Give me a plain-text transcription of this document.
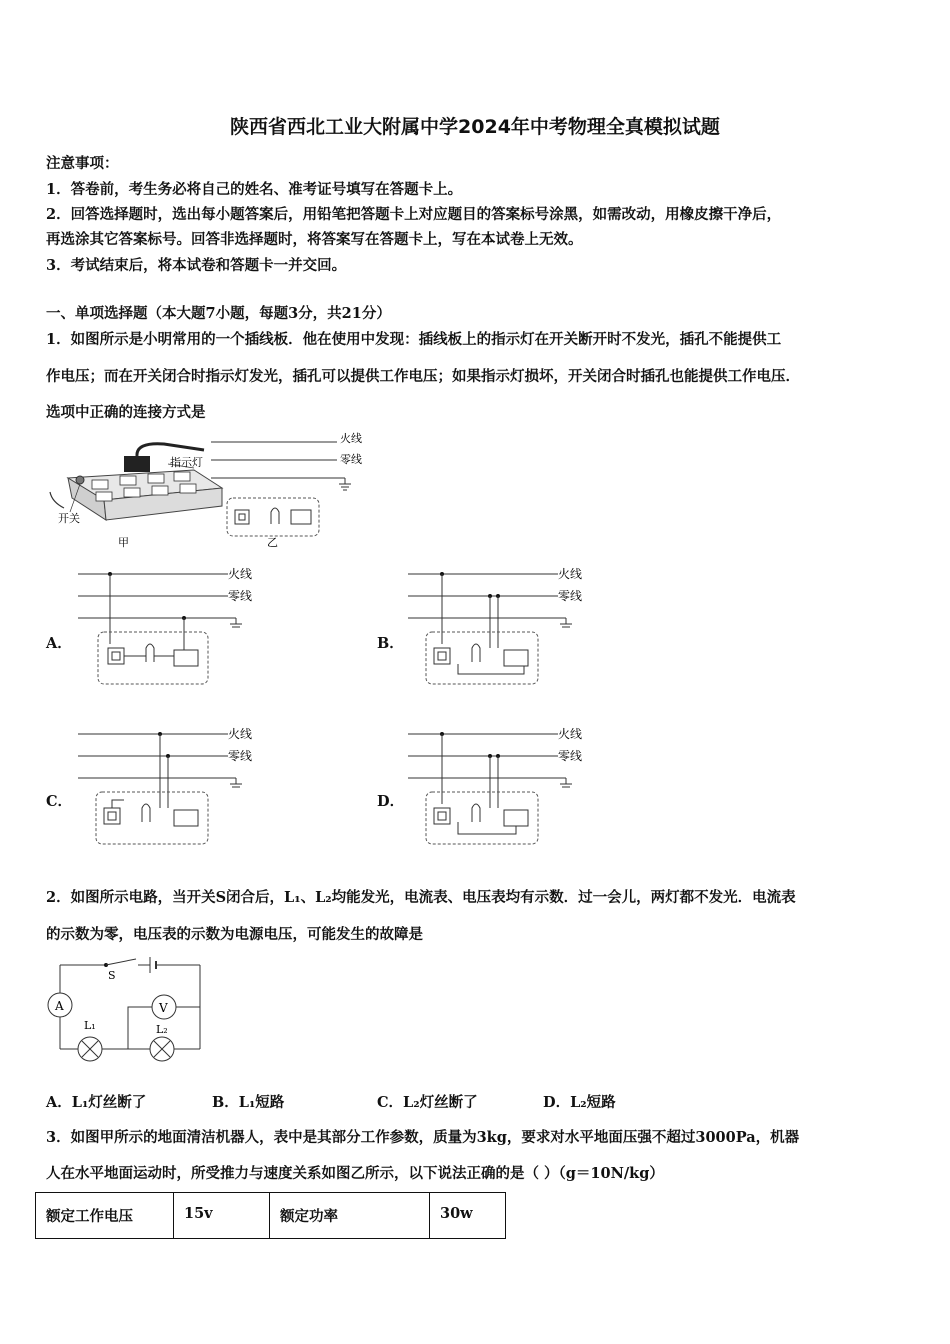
陕西省西北工业大附属中学2024年中考物理全真模拟试题
注意事项：
1．答卷前，考生务必将自己的姓名、准考证号填写在答题卡上。
2．回答选择题时，选出每小题答案后，用铅笔把答题卡上对应题目的答案标号涂黑，如需改动，用橡皮擦干净后，
再选涂其它答案标号。回答非选择题时，将答案写在答题卡上，写在本试卷上无效。
3．考试结束后，将本试卷和答题卡一并交回。
一、单项选择题（本大题7小题，每题3分，共21分）
1．如图所示是小明常用的一个插线板．他在使用中发现：插线板上的指示灯在开关断开时不发光，插孔不能提供工
作电压；而在开关闭合时指示灯发光，插孔可以提供工作电压；如果指示灯损坏，开关闭合时插孔也能提供工作电压．
选项中正确的连接方式是
指示灯
开关
甲
火线
零线
乙
A．	B．
C．	D．
火线
零线
火线
零线
火线
零线
火线
零线
2．如图所示电路，当开关S闭合后，L₁、L₂均能发光，电流表、电压表均有示数．过一会儿，两灯都不发光．电流表
的示数为零，电压表的示数为电源电压，可能发生的故障是
S
A
L₁	L₂
V
A．L₁灯丝断了	B．L₁短路	C．L₂灯丝断了	D．L₂短路
3．如图甲所示的地面清洁机器人，表中是其部分工作参数，质量为3kg，要求对水平地面压强不超过3000Pa，机器
人在水平地面运动时，所受推力与速度关系如图乙所示，以下说法正确的是（ ）（g＝10N/kg）
额定工作电压	15v	额定功率	30w
